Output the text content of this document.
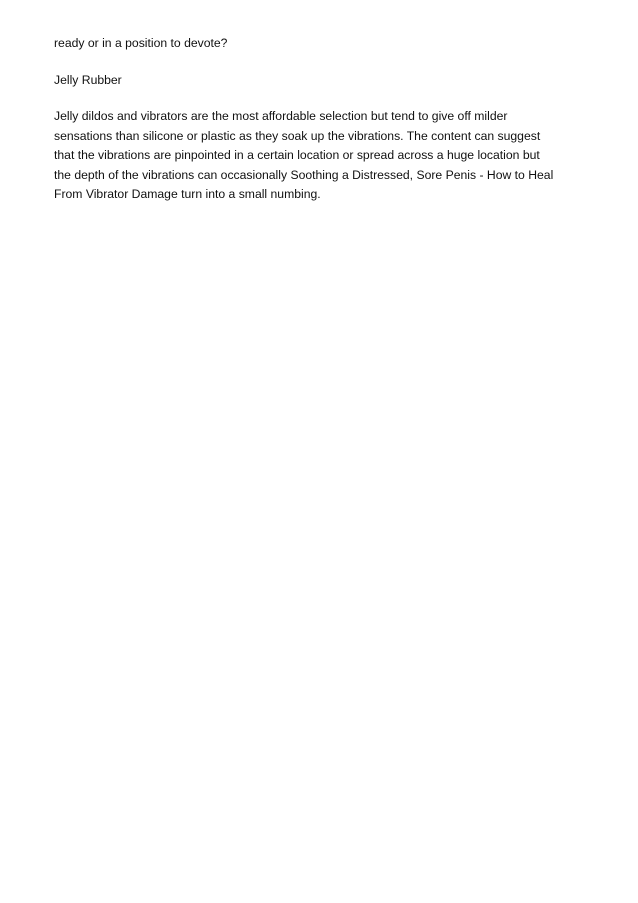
ready or in a position to devote?

Jelly Rubber

Jelly dildos and vibrators are the most affordable selection but tend to give off milder
sensations than silicone or plastic as they soak up the vibrations. The content can suggest
that the vibrations are pinpointed in a certain location or spread across a huge location but
the depth of the vibrations can occasionally Soothing a Distressed, Sore Penis - How to Heal
From Vibrator Damage turn into a small numbing.
